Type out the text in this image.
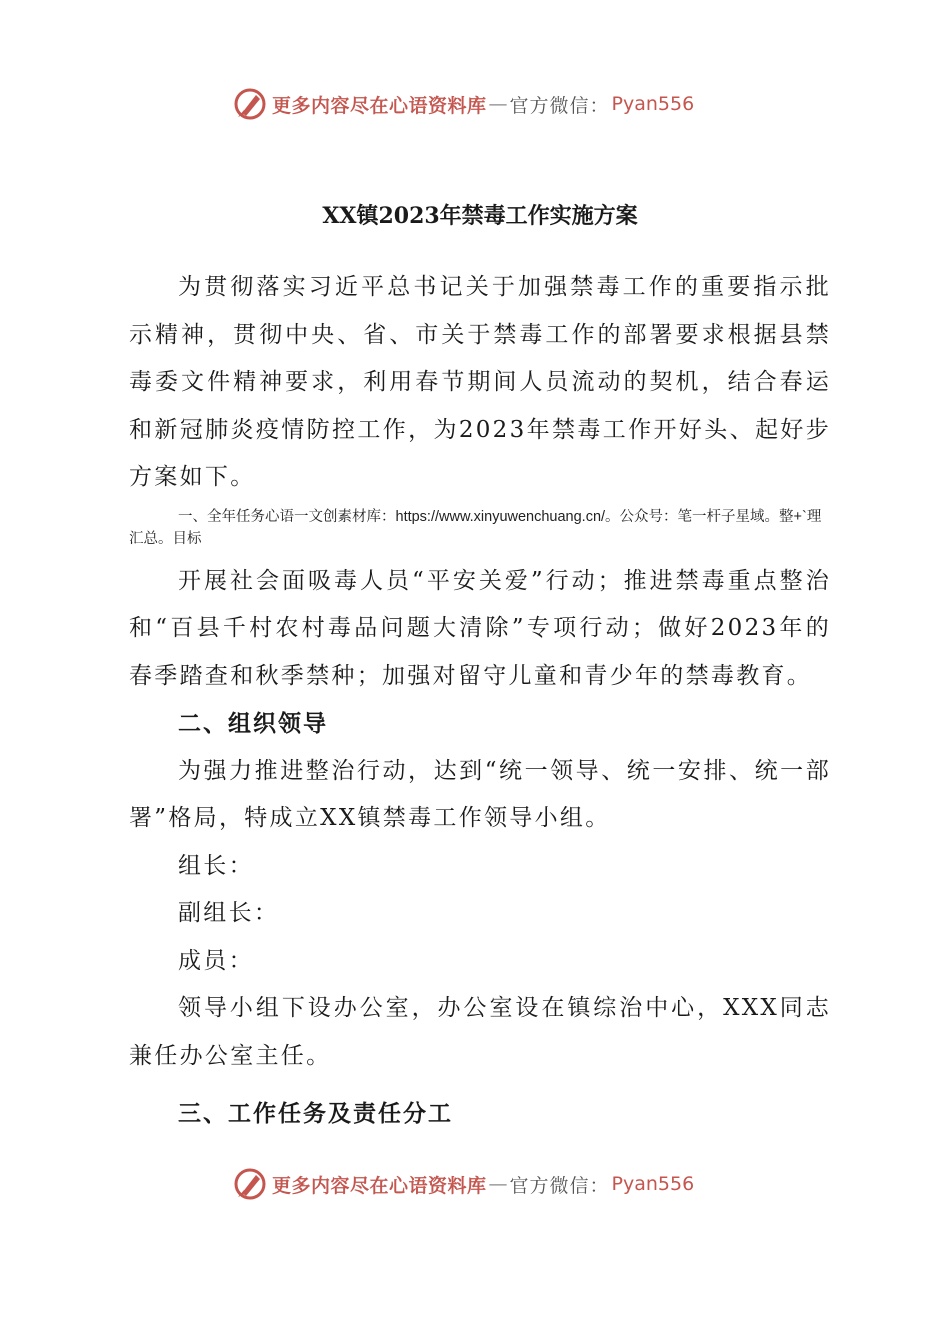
更多内容尽在心语资料库 — 官方微信： Pyan556
XX镇2023年禁毒工作实施方案

为贯彻落实习近平总书记关于加强禁毒工作的重要指示批示精神，贯彻中央、省、市关于禁毒工作的部署要求根据县禁毒委文件精神要求，利用春节期间人员流动的契机，结合春运和新冠肺炎疫情防控工作，为2023年禁毒工作开好头、起好步方案如下。

一、全年任务心语一文创素材库：https://www.xinyuwenchuang.cn/。公众号：笔一杆子星域。整+`理汇总。目标

开展社会面吸毒人员“平安关爱”行动；推进禁毒重点整治和“百县千村农村毒品问题大清除”专项行动；做好2023年的春季踏查和秋季禁种；加强对留守儿童和青少年的禁毒教育。

二、组织领导

为强力推进整治行动，达到“统一领导、统一安排、统一部署”格局，特成立XX镇禁毒工作领导小组。

组长：

副组长：

成员：

领导小组下设办公室，办公室设在镇综治中心，XXX同志兼任办公室主任。

三、工作任务及责任分工

更多内容尽在心语资料库 — 官方微信： Pyan556
